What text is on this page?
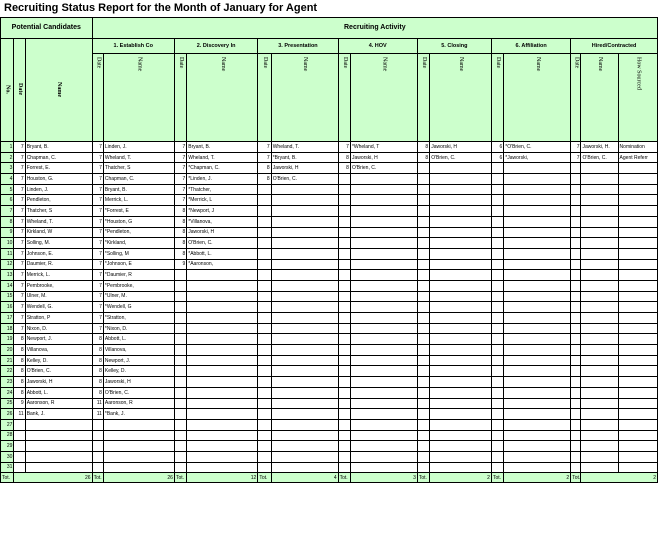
Recruiting Status Report for the Month of January for Agent
Potential Candidates			Recruiting Activity														
No.	Date	Name	1. Establish Co		2. Discovery In		3. Presentation		4. HOV		5. Closing		6. Affiliation		Hired/Contracted		
			Date	Name	Date	Name	Date	Name	Date	Name	Date	Name	Date	Name	Date	Name	How Sourced
1	7	Bryant, B.	7	Linden, J.	7	Bryant, B.	7	Wheland, T.	7	*Wheland, T	8	Jaworski, H	6	*O'Brien, C.	7	Jaworski, H.	Nomination
2	7	Chapman, C.	7	Wheland, T.	7	Wheland, T.	7	*Bryant, B.	8	Jaworski, H	8	O'Brien, C.	6	*Jaworski,	7	O'Brien, C.	Agent Referr
3	7	Forrest, E.	7	Thatcher, S	7	*Chapman, C.	8	Jaworski, H	8	O'Brien, C.							
4	7	Houston, G.	7	Chapman, C.	7	*Linden, J.	8	O'Brien, C.									
5	7	Linden, J.	7	Bryant, B.	7	*Thatcher,											
6	7	Pendleton,	7	Merrick, L.	7	*Merrick, L											
7	7	Thatcher, S	7	*Forrest, E	8	*Newport, J											
8	7	Wheland, T.	7	*Houston, G	8	*Villanova,											
9	7	Kirkland, W	7	*Pendleton,	8	Jaworski, H											
10	7	Solling, M.	7	*Kirkland,	8	O'Brien, C.											
11	7	Johnson, E.	7	*Solling, M	8	*Abbott, L.											
12	7	Daumier, R.	7	*Johnson, E	9	*Aaronson,											
13	7	Merrick, L.	7	*Daumier, R													
14	7	Pembrooke,	7	*Pembrooke,													
15	7	Ulner, M.	7	*Ulner, M.													
16	7	Wendell, G.	7	*Wendell, G													
17	7	Stratton, P	7	*Stratton,													
18	7	Nixon, D.	7	*Nixon, D.													
19	8	Newport, J.	8	Abbott, L.													
20	8	Villanova,	8	Villanova,													
21	8	Kelley, D.	8	Newport, J.													
22	8	O'Brien, C.	8	Kelley, D.													
23	8	Jaworski, H	8	Jaworski, H													
24	8	Abbott, L.	8	O'Brien, C.													
25	9	Aaronson, R	11	Aaronson, R													
26	11	Bank, J.	11	*Bank, J.													
27																	
28																	
29																	
30																	
31																	
Tot.	26		Tot.	26	Tot.	12	Tot.	4	Tot.	3	Tot.	2	Tot.	2	Tot.	2	
